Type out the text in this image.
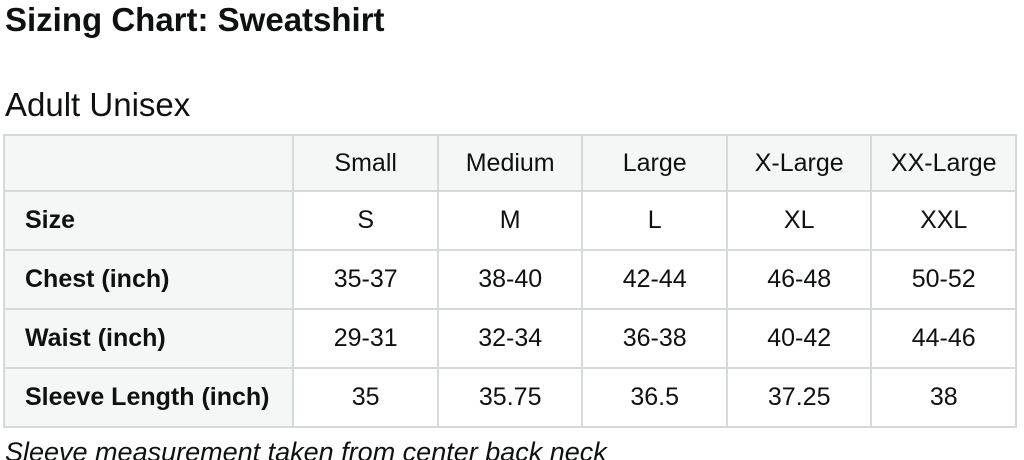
Sizing Chart: Sweatshirt
Adult Unisex
	Small	Medium	Large	X-Large	XX-Large
Size	S	M	L	XL	XXL
Chest (inch)	35-37	38-40	42-44	46-48	50-52
Waist (inch)	29-31	32-34	36-38	40-42	44-46
Sleeve Length (inch)	35	35.75	36.5	37.25	38

Sleeve measurement taken from center back neck
